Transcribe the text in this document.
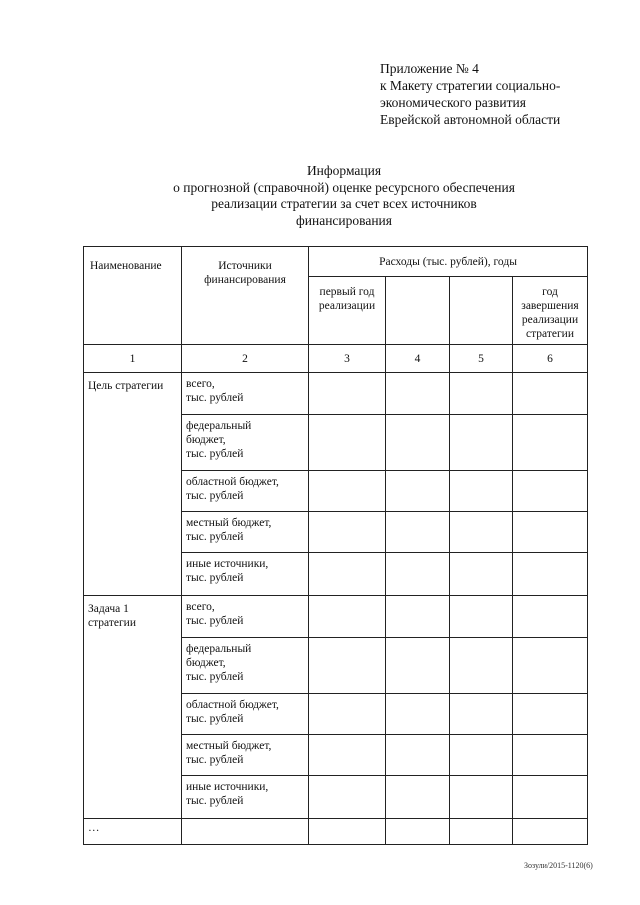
Приложение № 4
к Макету стратегии социально-
экономического развития
Еврейской автономной области
Информация
о прогнозной (справочной) оценке ресурсного обеспечения
реализации стратегии за счет всех источников
финансирования
Наименование	Источники финансирования	Расходы (тыс. рублей), годы			
		первый год реализации			год завершения реализации стратегии
1	2	3	4	5	6
Цель стратегии	всего,
тыс. рублей				
	федеральный
бюджет,
тыс. рублей				
	областной бюджет,
тыс. рублей				
	местный бюджет,
тыс. рублей				
	иные источники,
тыс. рублей				
Задача 1
стратегии	всего,
тыс. рублей				
	федеральный
бюджет,
тыс. рублей				
	областной бюджет,
тыс. рублей				
	местный бюджет,
тыс. рублей				
	иные источники,
тыс. рублей				
…					
Зозули/2015-1120(6)
